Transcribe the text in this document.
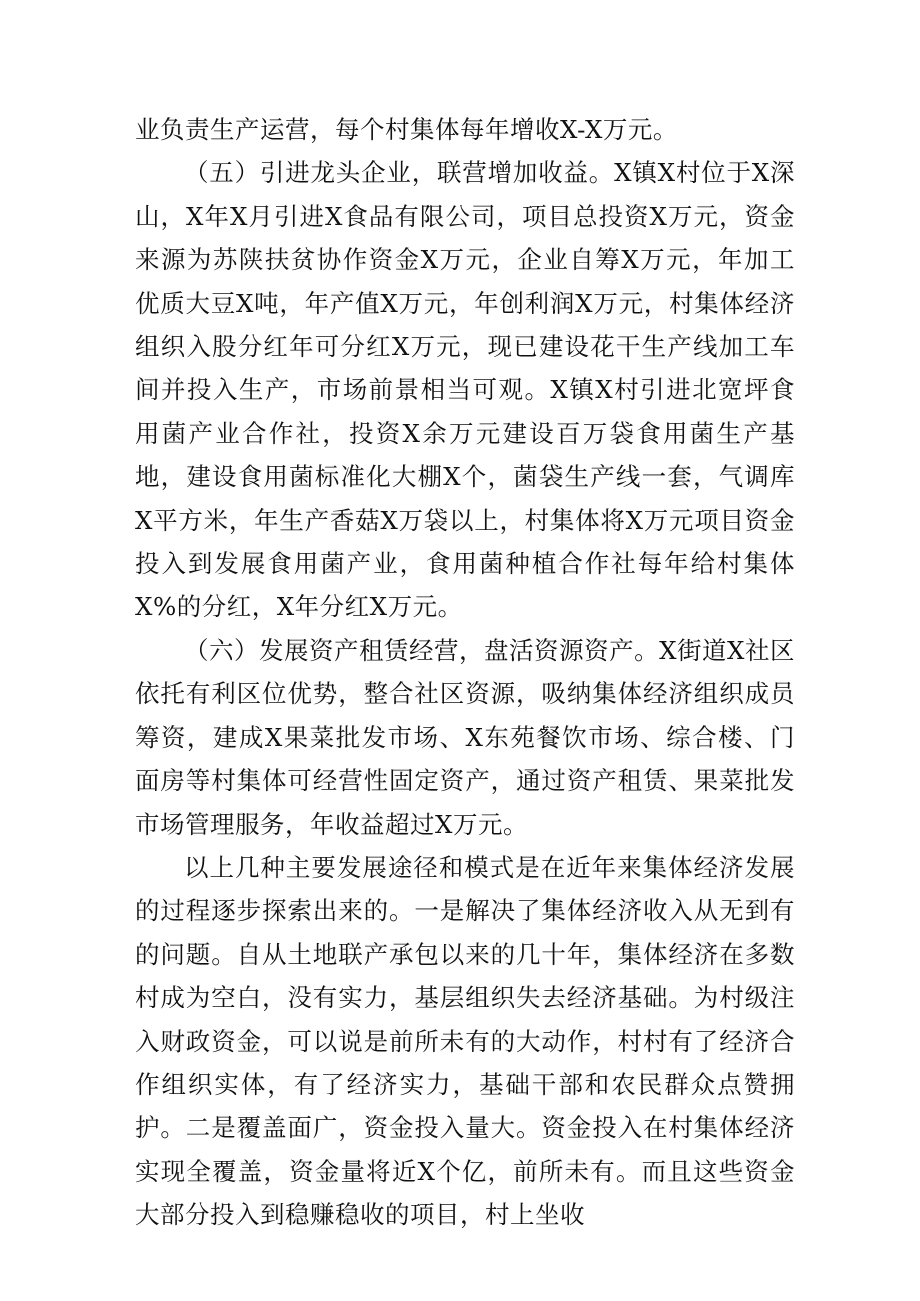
业负责生产运营，每个村集体每年增收X-X万元。

（五）引进龙头企业，联营增加收益。X镇X村位于X深山，X年X月引进X食品有限公司，项目总投资X万元，资金来源为苏陕扶贫协作资金X万元，企业自筹X万元，年加工优质大豆X吨，年产值X万元，年创利润X万元，村集体经济组织入股分红年可分红X万元，现已建设花干生产线加工车间并投入生产，市场前景相当可观。X镇X村引进北宽坪食用菌产业合作社，投资X余万元建设百万袋食用菌生产基地，建设食用菌标准化大棚X个，菌袋生产线一套，气调库X平方米，年生产香菇X万袋以上，村集体将X万元项目资金投入到发展食用菌产业，食用菌种植合作社每年给村集体X%的分红，X年分红X万元。

（六）发展资产租赁经营，盘活资源资产。X街道X社区依托有利区位优势，整合社区资源，吸纳集体经济组织成员筹资，建成X果菜批发市场、X东苑餐饮市场、综合楼、门面房等村集体可经营性固定资产，通过资产租赁、果菜批发市场管理服务，年收益超过X万元。

以上几种主要发展途径和模式是在近年来集体经济发展的过程逐步探索出来的。一是解决了集体经济收入从无到有的问题。自从土地联产承包以来的几十年，集体经济在多数村成为空白，没有实力，基层组织失去经济基础。为村级注入财政资金，可以说是前所未有的大动作，村村有了经济合作组织实体，有了经济实力，基础干部和农民群众点赞拥护。二是覆盖面广，资金投入量大。资金投入在村集体经济实现全覆盖，资金量将近X个亿，前所未有。而且这些资金大部分投入到稳赚稳收的项目，村上坐收
